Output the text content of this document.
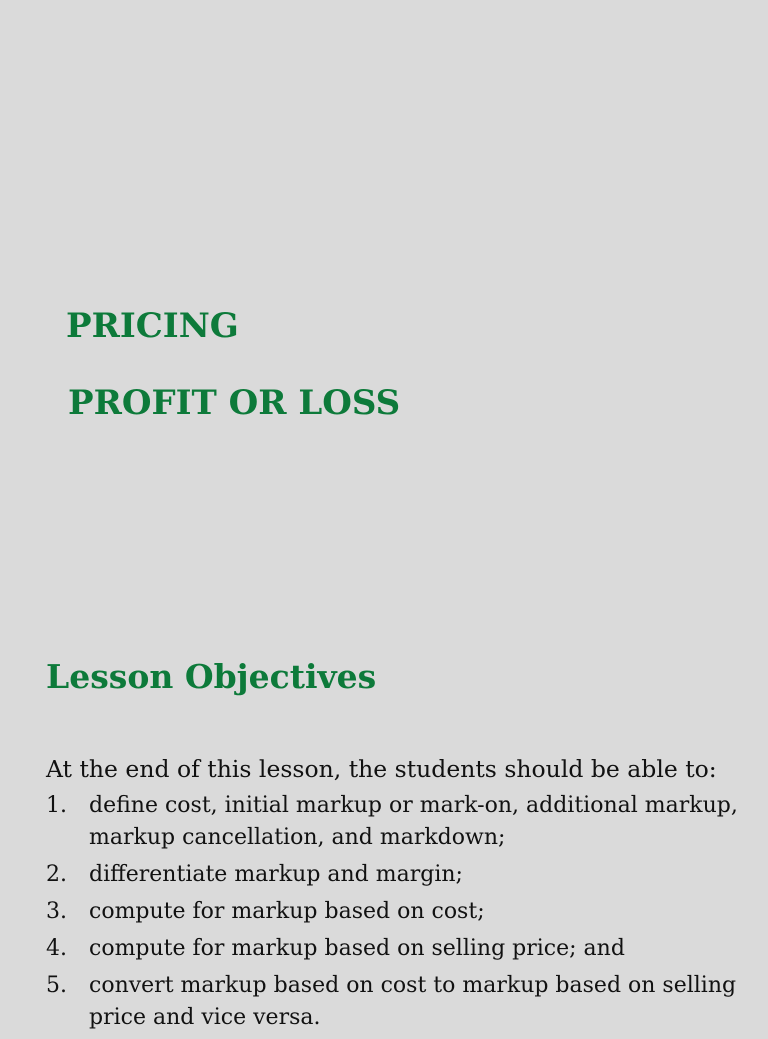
PRICING
PROFIT OR LOSS
Lesson Objectives

At the end of this lesson, the students should be able to:

1. define cost, initial markup or mark-on, additional markup, markup cancellation, and markdown;
2. differentiate markup and margin;
3. compute for markup based on cost;
4. compute for markup based on selling price; and
5. convert markup based on cost to markup based on selling price and vice versa.
